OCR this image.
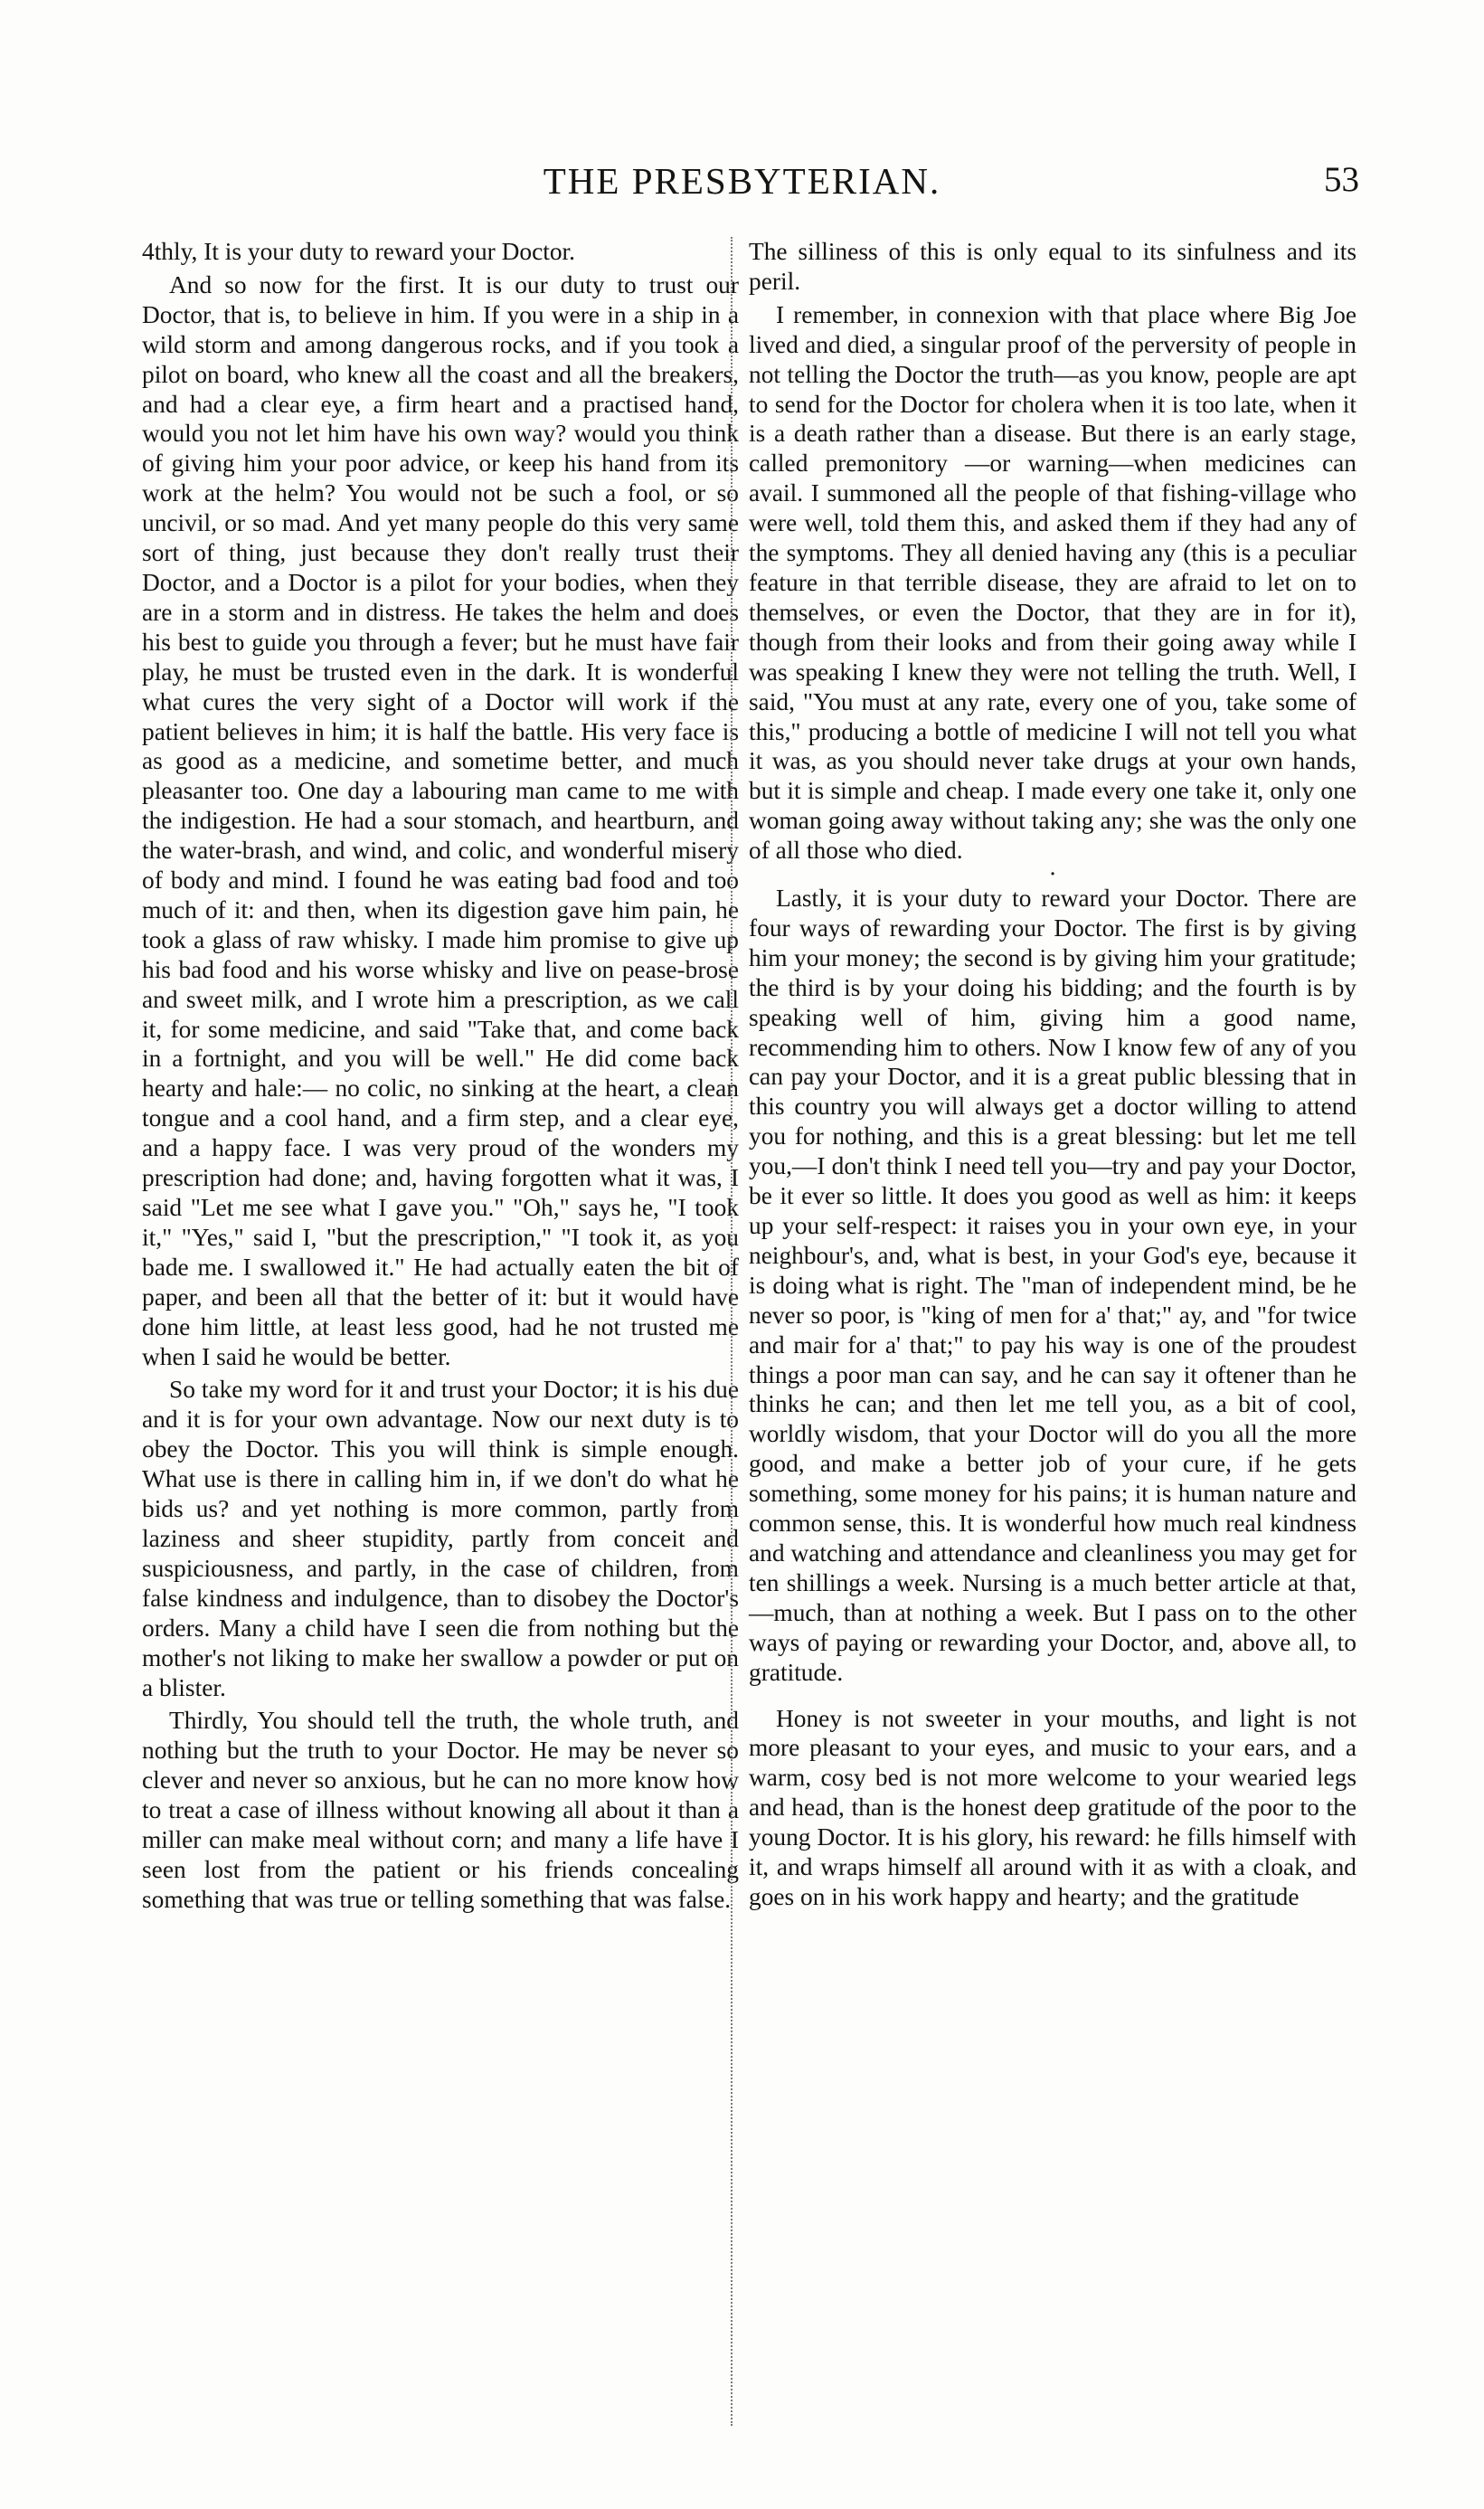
THE PRESBYTERIAN.	53

4thly, It is your duty to reward your Doctor.

And so now for the first. It is our duty to trust our Doctor, that is, to believe in him. If you were in a ship in a wild storm and among dangerous rocks, and if you took a pilot on board, who knew all the coast and all the breakers, and had a clear eye, a firm heart and a practised hand, would you not let him have his own way? would you think of giving him your poor advice, or keep his hand from its work at the helm? You would not be such a fool, or so uncivil, or so mad. And yet many people do this very same sort of thing, just because they don't really trust their Doctor, and a Doctor is a pilot for your bodies, when they are in a storm and in distress. He takes the helm and does his best to guide you through a fever; but he must have fair play, he must be trusted even in the dark. It is wonderful what cures the very sight of a Doctor will work if the patient believes in him; it is half the battle. His very face is as good as a medicine, and sometime better, and much pleasanter too. One day a labouring man came to me with the indigestion. He had a sour stomach, and heartburn, and the water-brash, and wind, and colic, and wonderful misery of body and mind. I found he was eating bad food and too much of it: and then, when its digestion gave him pain, he took a glass of raw whisky. I made him promise to give up his bad food and his worse whisky and live on pease-brose and sweet milk, and I wrote him a prescription, as we call it, for some medicine, and said "Take that, and come back in a fortnight, and you will be well." He did come back hearty and hale:— no colic, no sinking at the heart, a clean tongue and a cool hand, and a firm step, and a clear eye, and a happy face. I was very proud of the wonders my prescription had done; and, having forgotten what it was, I said "Let me see what I gave you." "Oh," says he, "I took it," "Yes," said I, "but the prescription," "I took it, as you bade me. I swallowed it." He had actually eaten the bit of paper, and been all that the better of it: but it would have done him little, at least less good, had he not trusted me when I said he would be better.

So take my word for it and trust your Doctor; it is his due and it is for your own advantage. Now our next duty is to obey the Doctor. This you will think is simple enough. What use is there in calling him in, if we don't do what he bids us? and yet nothing is more common, partly from laziness and sheer stupidity, partly from conceit and suspiciousness, and partly, in the case of children, from false kindness and indulgence, than to disobey the Doctor's orders. Many a child have I seen die from nothing but the mother's not liking to make her swallow a powder or put on a blister.

Thirdly, You should tell the truth, the whole truth, and nothing but the truth to your Doctor. He may be never so clever and never so anxious, but he can no more know how to treat a case of illness without knowing all about it than a miller can make meal without corn; and many a life have I seen lost from the patient or his friends concealing something that was true or telling something that was false.

The silliness of this is only equal to its sinfulness and its peril.

I remember, in connexion with that place where Big Joe lived and died, a singular proof of the perversity of people in not telling the Doctor the truth—as you know, people are apt to send for the Doctor for cholera when it is too late, when it is a death rather than a disease. But there is an early stage, called premonitory —or warning—when medicines can avail. I summoned all the people of that fishing-village who were well, told them this, and asked them if they had any of the symptoms. They all denied having any (this is a peculiar feature in that terrible disease, they are afraid to let on to themselves, or even the Doctor, that they are in for it), though from their looks and from their going away while I was speaking I knew they were not telling the truth. Well, I said, "You must at any rate, every one of you, take some of this," producing a bottle of medicine I will not tell you what it was, as you should never take drugs at your own hands, but it is simple and cheap. I made every one take it, only one woman going away without taking any; she was the only one of all those who died.

·

Lastly, it is your duty to reward your Doctor. There are four ways of rewarding your Doctor. The first is by giving him your money; the second is by giving him your gratitude; the third is by your doing his bidding; and the fourth is by speaking well of him, giving him a good name, recommending him to others. Now I know few of any of you can pay your Doctor, and it is a great public blessing that in this country you will always get a doctor willing to attend you for nothing, and this is a great blessing: but let me tell you,—I don't think I need tell you—try and pay your Doctor, be it ever so little. It does you good as well as him: it keeps up your self-respect: it raises you in your own eye, in your neighbour's, and, what is best, in your God's eye, because it is doing what is right. The "man of independent mind, be he never so poor, is "king of men for a' that;" ay, and "for twice and mair for a' that;" to pay his way is one of the proudest things a poor man can say, and he can say it oftener than he thinks he can; and then let me tell you, as a bit of cool, worldly wisdom, that your Doctor will do you all the more good, and make a better job of your cure, if he gets something, some money for his pains; it is human nature and common sense, this. It is wonderful how much real kindness and watching and attendance and cleanliness you may get for ten shillings a week. Nursing is a much better article at that,—much, than at nothing a week. But I pass on to the other ways of paying or rewarding your Doctor, and, above all, to gratitude.

Honey is not sweeter in your mouths, and light is not more pleasant to your eyes, and music to your ears, and a warm, cosy bed is not more welcome to your wearied legs and head, than is the honest deep gratitude of the poor to the young Doctor. It is his glory, his reward: he fills himself with it, and wraps himself all around with it as with a cloak, and goes on in his work happy and hearty; and the gratitude
